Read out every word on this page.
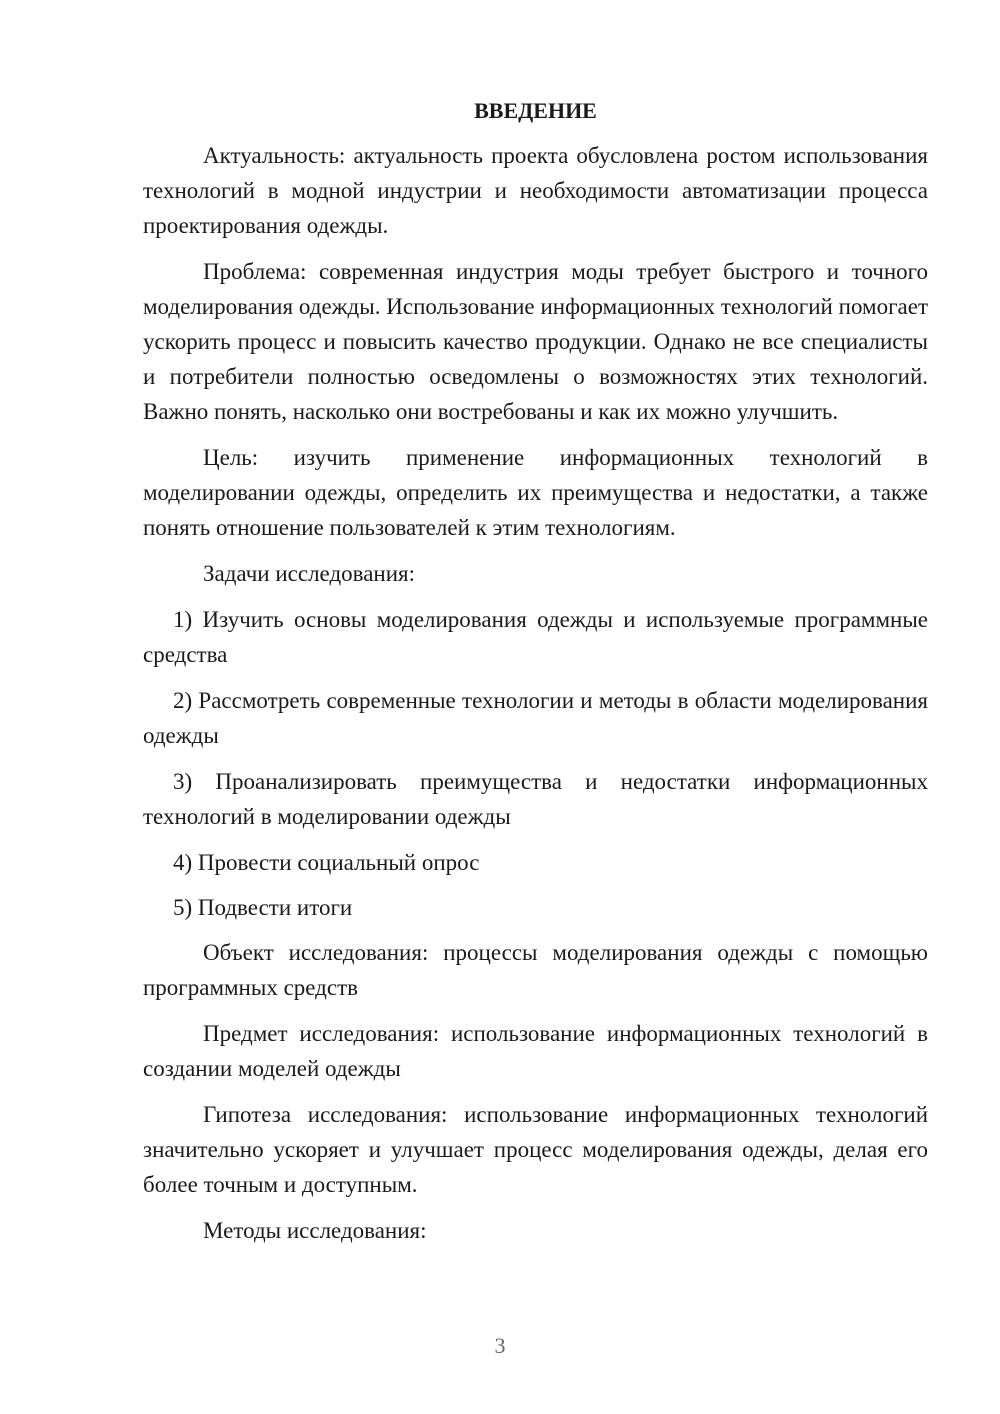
ВВЕДЕНИЕ

Актуальность: актуальность проекта обусловлена ростом использования технологий в модной индустрии и необходимости автоматизации процесса проектирования одежды.

Проблема: современная индустрия моды требует быстрого и точного моделирования одежды. Использование информационных технологий помогает ускорить процесс и повысить качество продукции. Однако не все специалисты и потребители полностью осведомлены о возможностях этих технологий. Важно понять, насколько они востребованы и как их можно улучшить.

Цель: изучить применение информационных технологий в моделировании одежды, определить их преимущества и недостатки, а также понять отношение пользователей к этим технологиям.

Задачи исследования:

1) Изучить основы моделирования одежды и используемые программные средства

2) Рассмотреть современные технологии и методы в области моделирования одежды

3) Проанализировать преимущества и недостатки информационных технологий в моделировании одежды

4) Провести социальный опрос

5) Подвести итоги

Объект исследования: процессы моделирования одежды с помощью программных средств

Предмет исследования: использование информационных технологий в создании моделей одежды

Гипотеза исследования: использование информационных технологий значительно ускоряет и улучшает процесс моделирования одежды, делая его более точным и доступным.

Методы исследования:

3
